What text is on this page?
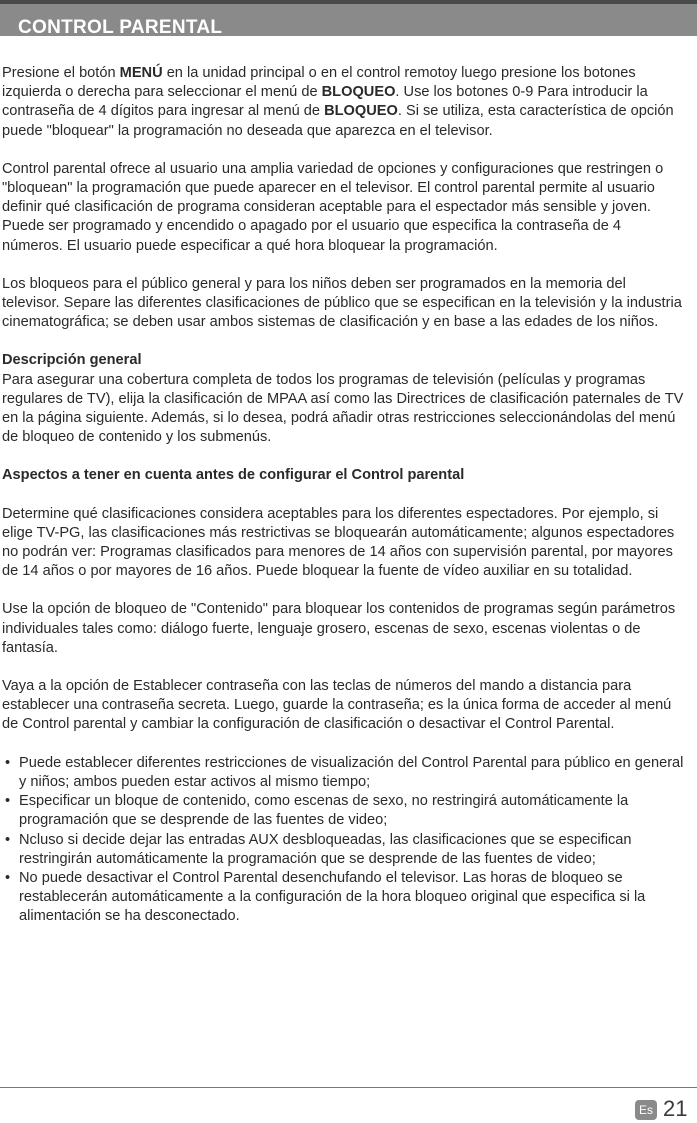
CONTROL PARENTAL

Presione el botón MENÚ en la unidad principal o en el control remotoy luego presione los botones izquierda o derecha para seleccionar el menú de BLOQUEO. Use los botones 0-9 Para introducir la contraseña de 4 dígitos para ingresar al menú de BLOQUEO. Si se utiliza, esta característica de opción puede "bloquear" la programación no deseada que aparezca en el televisor.

Control parental ofrece al usuario una amplia variedad de opciones y configuraciones que restringen o "bloquean" la programación que puede aparecer en el televisor. El control parental permite al usuario definir qué clasificación de programa consideran aceptable para el espectador más sensible y joven. Puede ser programado y encendido o apagado por el usuario que especifica la contraseña de 4 números. El usuario puede especificar a qué hora bloquear la programación.

Los bloqueos para el público general y para los niños deben ser programados en la memoria del televisor. Separe las diferentes clasificaciones de público que se especifican en la televisión y la industria cinematográfica; se deben usar ambos sistemas de clasificación y en base a las edades de los niños.

Descripción general

Para asegurar una cobertura completa de todos los programas de televisión (películas y programas regulares de TV), elija la clasificación de MPAA así como las Directrices de clasificación paternales de TV en la página siguiente. Además, si lo desea, podrá añadir otras restricciones seleccionándolas del menú de bloqueo de contenido y los submenús.

Aspectos a tener en cuenta antes de configurar el Control parental

Determine qué clasificaciones considera aceptables para los diferentes espectadores. Por ejemplo, si elige TV-PG, las clasificaciones más restrictivas se bloquearán automáticamente; algunos espectadores no podrán ver: Programas clasificados para menores de 14 años con supervisión parental, por mayores de 14 años o por mayores de 16 años. Puede bloquear la fuente de vídeo auxiliar en su totalidad.

Use la opción de bloqueo de "Contenido" para bloquear los contenidos de programas según parámetros individuales tales como: diálogo fuerte, lenguaje grosero, escenas de sexo, escenas violentas o de fantasía.

Vaya a la opción de Establecer contraseña con las teclas de números del mando a distancia para establecer una contraseña secreta. Luego, guarde la contraseña; es la única forma de acceder al menú de Control parental y cambiar la configuración de clasificación o desactivar el Control Parental.

• Puede establecer diferentes restricciones de visualización del Control Parental para público en general y niños; ambos pueden estar activos al mismo tiempo;
• Especificar un bloque de contenido, como escenas de sexo, no restringirá automáticamente la programación que se desprende de las fuentes de video;
• Ncluso si decide dejar las entradas AUX desbloqueadas, las clasificaciones que se especifican restringirán automáticamente la programación que se desprende de las fuentes de video;
• No puede desactivar el Control Parental desenchufando el televisor. Las horas de bloqueo se restablecerán automáticamente a la configuración de la hora bloqueo original que especifica si la alimentación se ha desconectado.
Es 21
